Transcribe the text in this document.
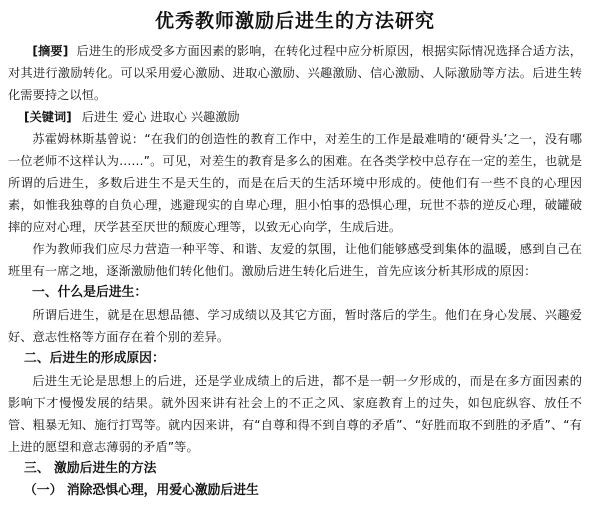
优秀教师激励后进生的方法研究

[摘要] 后进生的形成受多方面因素的影响，在转化过程中应分析原因，根据实际情况选择合适方法，对其进行激励转化。可以采用爱心激励、进取心激励、兴趣激励、信心激励、人际激励等方法。后进生转化需要持之以恒。

[关键词] 后进生 爱心 进取心 兴趣激励

苏霍姆林斯基曾说：“在我们的创造性的教育工作中，对差生的工作是最难啃的‘硬骨头’之一，没有哪一位老师不这样认为……”。可见，对差生的教育是多么的困难。在各类学校中总存在一定的差生，也就是所谓的后进生，多数后进生不是天生的，而是在后天的生活环境中形成的。使他们有一些不良的心理因素，如惟我独尊的自负心理，逃避现实的自卑心理，胆小怕事的恐惧心理，玩世不恭的逆反心理，破罐破摔的应对心理，厌学甚至厌世的颓废心理等，以致无心向学，生成后进。

作为教师我们应尽力营造一种平等、和谐、友爱的氛围，让他们能够感受到集体的温暖，感到自己在班里有一席之地，逐渐激励他们转化他们。激励后进生转化后进生，首先应该分析其形成的原因：

一、什么是后进生：

所谓后进生，就是在思想品德、学习成绩以及其它方面，暂时落后的学生。他们在身心发展、兴趣爱好、意志性格等方面存在着个别的差异。

二、后进生的形成原因：

后进生无论是思想上的后进，还是学业成绩上的后进，都不是一朝一夕形成的，而是在多方面因素的影响下才慢慢发展的结果。就外因来讲有社会上的不正之风、家庭教育上的过失，如包庇纵容、放任不管、粗暴无知、施行打骂等。就内因来讲，有“自尊和得不到自尊的矛盾”、“好胜而取不到胜的矛盾”、“有上进的愿望和意志薄弱的矛盾”等。

三、 激励后进生的方法

（一） 消除恐惧心理，用爱心激励后进生
